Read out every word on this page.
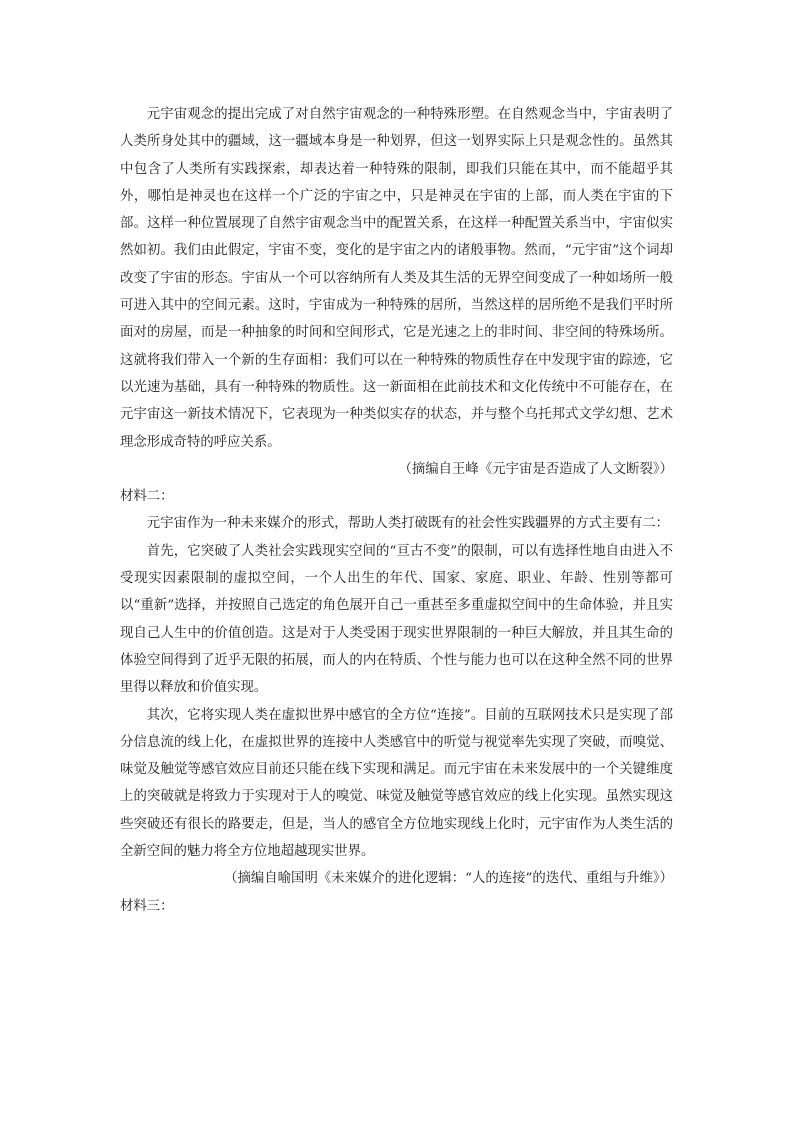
元宇宙观念的提出完成了对自然宇宙观念的一种特殊形塑。在自然观念当中，宇宙表明了人类所身处其中的疆域，这一疆域本身是一种划界，但这一划界实际上只是观念性的。虽然其中包含了人类所有实践探索，却表达着一种特殊的限制，即我们只能在其中，而不能超乎其外，哪怕是神灵也在这样一个广泛的宇宙之中，只是神灵在宇宙的上部，而人类在宇宙的下部。这样一种位置展现了自然宇宙观念当中的配置关系，在这样一种配置关系当中，宇宙似实然如初。我们由此假定，宇宙不变，变化的是宇宙之内的诸般事物。然而，“元宇宙”这个词却改变了宇宙的形态。宇宙从一个可以容纳所有人类及其生活的无界空间变成了一种如场所一般可进入其中的空间元素。这时，宇宙成为一种特殊的居所，当然这样的居所绝不是我们平时所面对的房屋，而是一种抽象的时间和空间形式，它是光速之上的非时间、非空间的特殊场所。这就将我们带入一个新的生存面相：我们可以在一种特殊的物质性存在中发现宇宙的踪迹，它以光速为基础，具有一种特殊的物质性。这一新面相在此前技术和文化传统中不可能存在，在元宇宙这一新技术情况下，它表现为一种类似实存的状态，并与整个乌托邦式文学幻想、艺术理念形成奇特的呼应关系。

（摘编自王峰《元宇宙是否造成了人文断裂》）

材料二：

元宇宙作为一种未来媒介的形式，帮助人类打破既有的社会性实践疆界的方式主要有二：

首先，它突破了人类社会实践现实空间的“亘古不变”的限制，可以有选择性地自由进入不受现实因素限制的虚拟空间，一个人出生的年代、国家、家庭、职业、年龄、性别等都可以“重新”选择，并按照自己选定的角色展开自己一重甚至多重虚拟空间中的生命体验，并且实现自己人生中的价值创造。这是对于人类受困于现实世界限制的一种巨大解放，并且其生命的体验空间得到了近乎无限的拓展，而人的内在特质、个性与能力也可以在这种全然不同的世界里得以释放和价值实现。

其次，它将实现人类在虚拟世界中感官的全方位“连接”。目前的互联网技术只是实现了部分信息流的线上化，在虚拟世界的连接中人类感官中的听觉与视觉率先实现了突破，而嗅觉、味觉及触觉等感官效应目前还只能在线下实现和满足。而元宇宙在未来发展中的一个关键维度上的突破就是将致力于实现对于人的嗅觉、味觉及触觉等感官效应的线上化实现。虽然实现这些突破还有很长的路要走，但是，当人的感官全方位地实现线上化时，元宇宙作为人类生活的全新空间的魅力将全方位地超越现实世界。

（摘编自喻国明《未来媒介的进化逻辑：“人的连接”的迭代、重组与升维》）

材料三：
